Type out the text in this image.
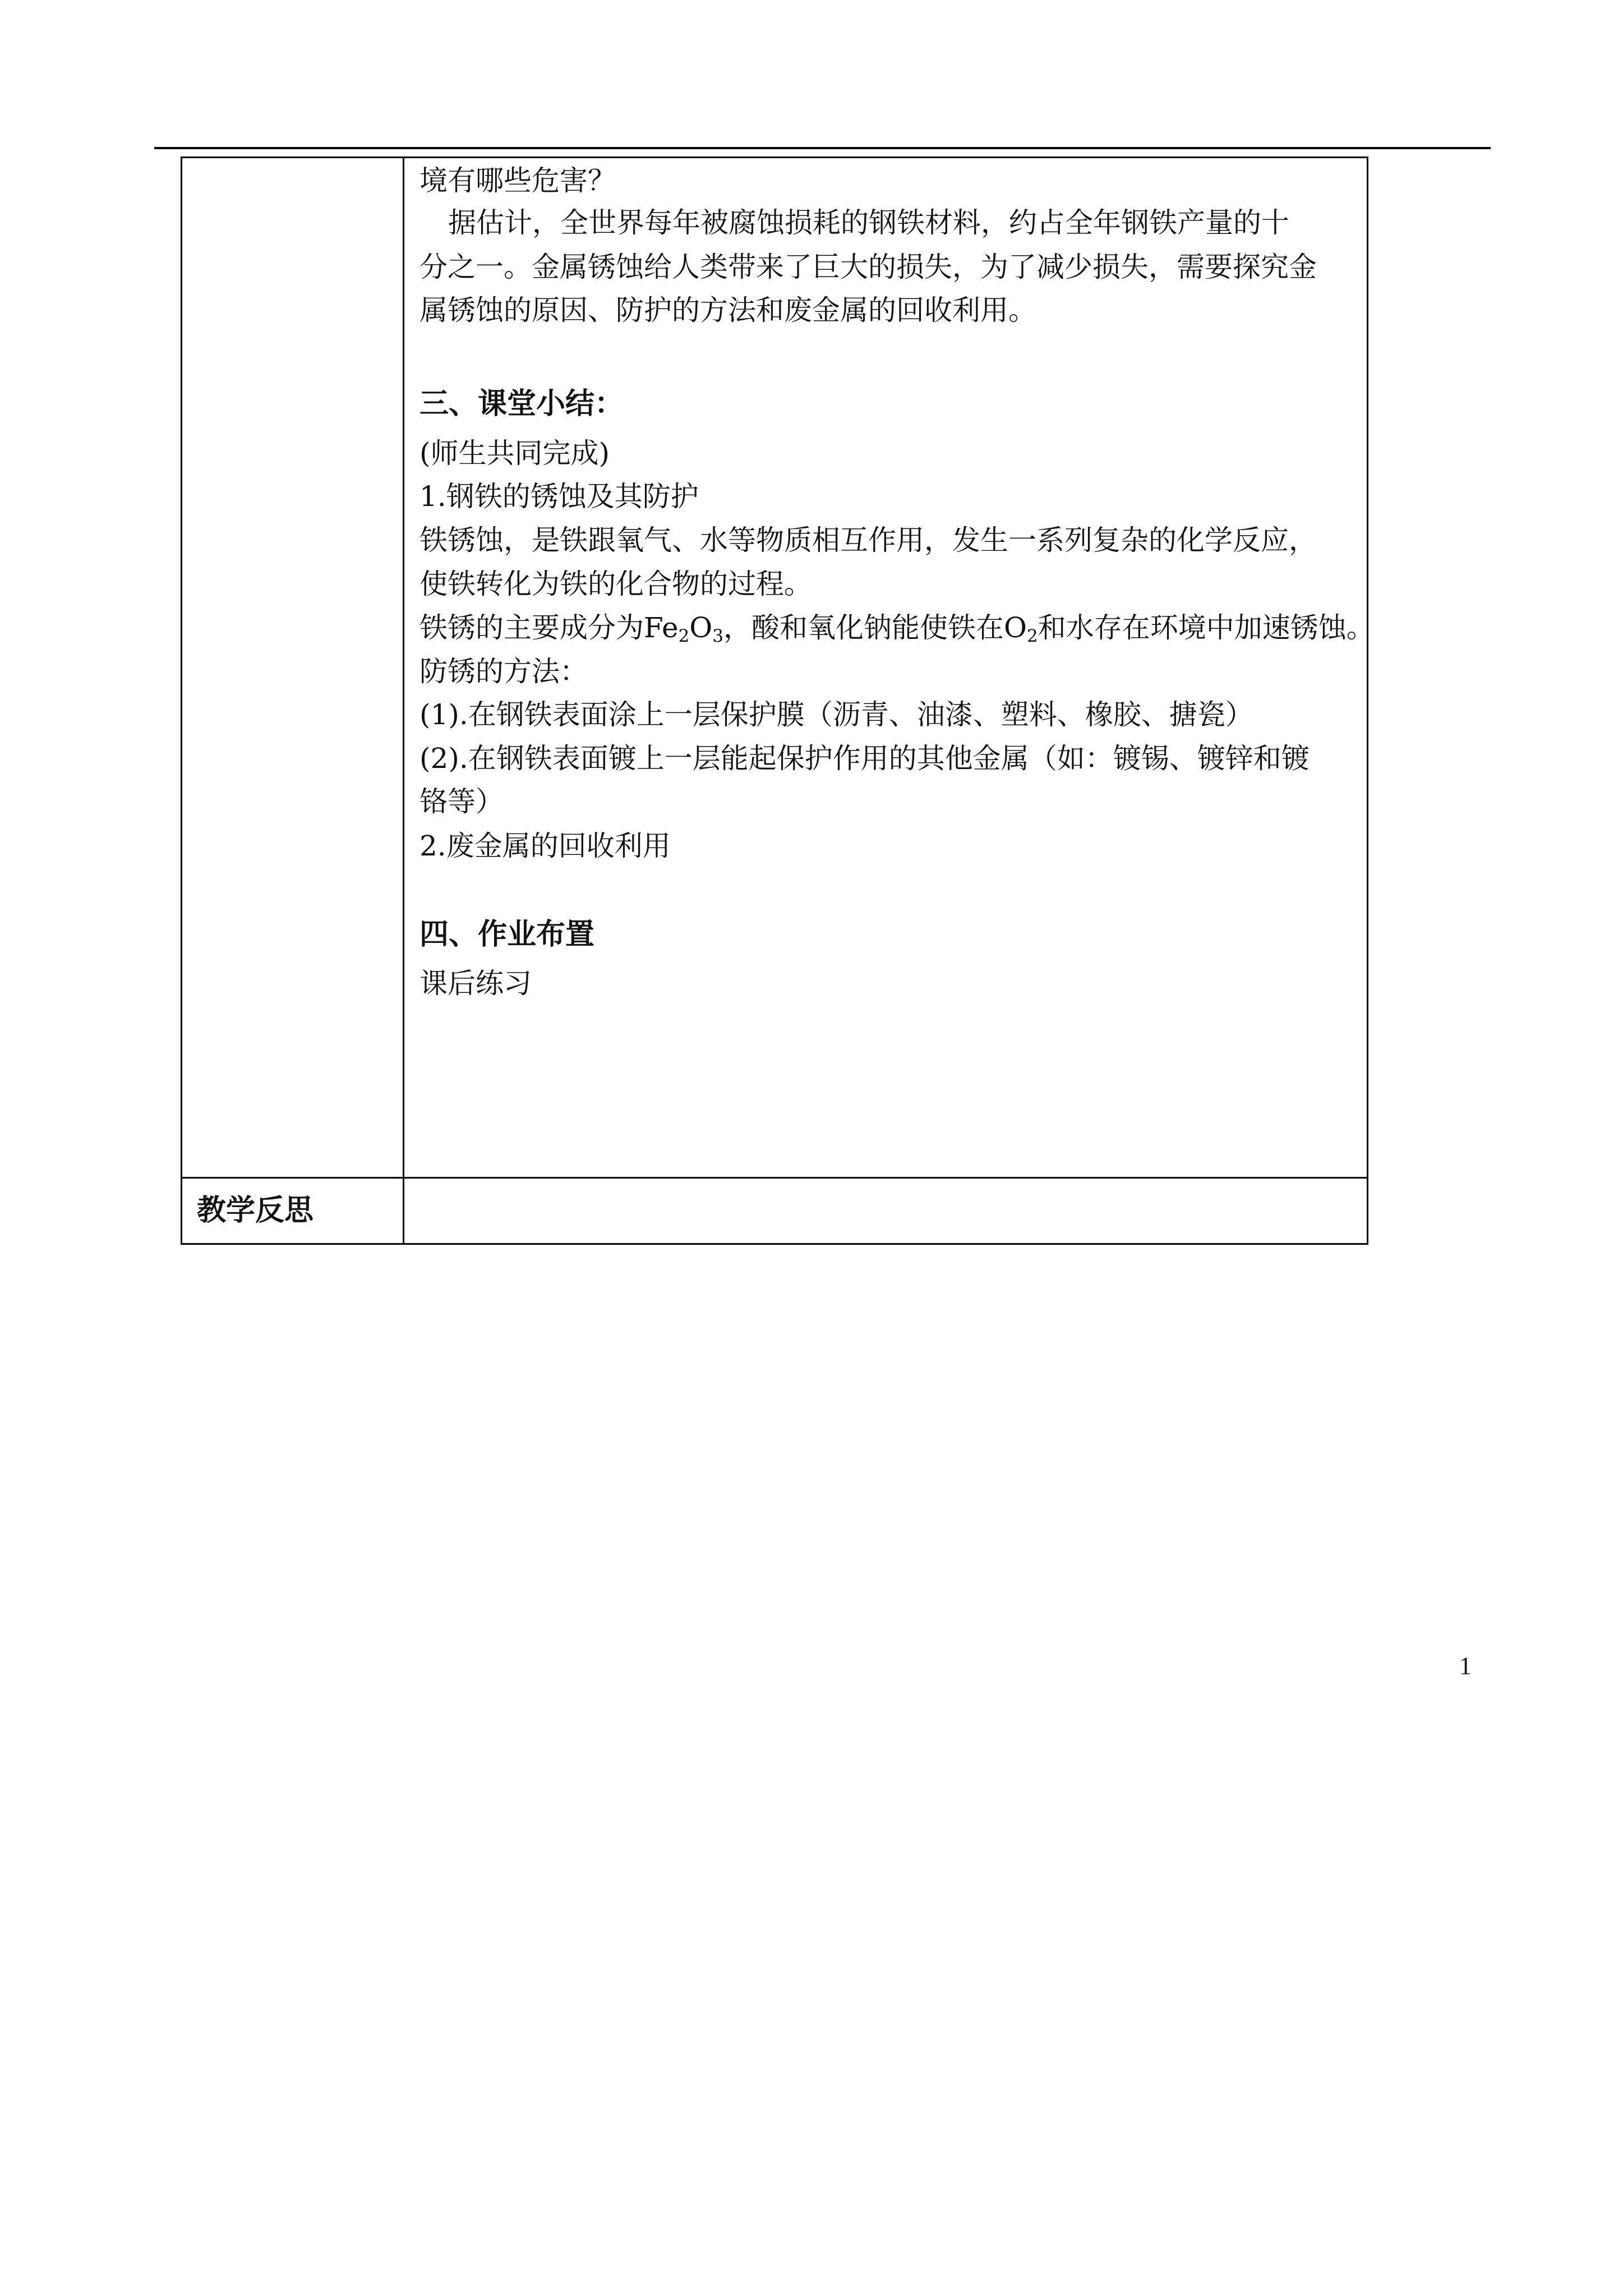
境有哪些危害？
据估计，全世界每年被腐蚀损耗的钢铁材料，约占全年钢铁产量的十
分之一。金属锈蚀给人类带来了巨大的损失，为了减少损失，需要探究金
属锈蚀的原因、防护的方法和废金属的回收利用。
三、课堂小结：
(师生共同完成)
1.钢铁的锈蚀及其防护
铁锈蚀，是铁跟氧气、水等物质相互作用，发生一系列复杂的化学反应，
使铁转化为铁的化合物的过程。
铁锈的主要成分为$Fe_2O_3$，酸和氧化钠能使铁在$O_2$和水存在环境中加速锈蚀。
防锈的方法：
(1).在钢铁表面涂上一层保护膜（沥青、油漆、塑料、橡胶、搪瓷）
(2).在钢铁表面镀上一层能起保护作用的其他金属（如：镀锡、镀锌和镀
铬等）
2.废金属的回收利用
四、作业布置
课后练习
教学反思
1
